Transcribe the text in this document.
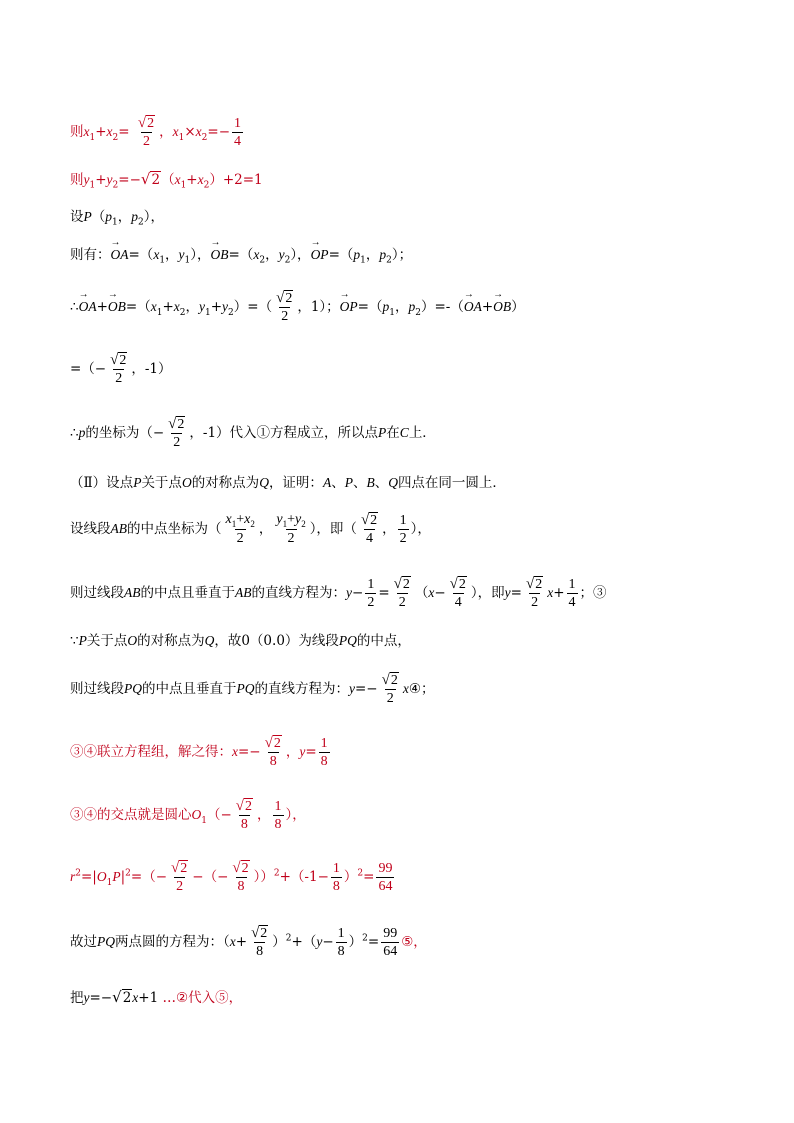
则$x_1+x_2= \frac{√2}{2}$ ，$x_1\times x_2=- \frac{1}{4}$
则$y_1+y_2=-√2(x_1+x_2)+2=1$
设$P(p_1$，$p_2$），
则有：→ $OA=(x_1$，$y_1$），→ $OB=(x_2$，$y_2$），→ $OP=(p_1$，$p_2$）；
∴→ $OA+\to OB=(x_1+x_2$，$y_1+y_2)=( \frac{√2}{2}$ ，1）；→ $OP=(p_1$，$p_2)=-(\to OA+\to OB)$
=（− $\frac{√2}{2}$ ，-1）
∴p的坐标为（− $\frac{√2}{2}$ ，-1）代入①方程成立，所以点P在C上．
（Ⅱ）设点P关于点O的对称点为Q，证明：A、P、B、Q四点在同一圆上．
设线段AB的中点坐标为（ $\frac{x_1+x_2}{2}$ ， $\frac{y_1+y_2}{2}$ ），即（ $\frac{√2}{4}$ ， $\frac{1}{2}$ ），
则过线段AB的中点且垂直于AB的直线方程为：$y- \frac{1}{2} = \frac{√2}{2} (x- \frac{√2}{4}$ ），即$y= \frac{√2}{2} x+ \frac{1}{4}$ ；③
∵P关于点O的对称点为Q，故0（0.0）为线段PQ的中点，
则过线段PQ的中点且垂直于PQ的直线方程为：$y=- \frac{√2}{2}$ x④；
③④联立方程组，解之得：$x=- \frac{√2}{8}$ ，$y= \frac{1}{8}$
③④的交点就是圆心$O_1(- \frac{√2}{8}$ ， $\frac{1}{8}$ ），
$r^2=|O_1P|^2=(- \frac{√2}{2}$ −（− $\frac{√2}{8} ))^2+(-1- \frac{1}{8} )^2= \frac{99}{64}$
故过PQ两点圆的方程为：$(x+ \frac{√2}{8} )^2+(y- \frac{1}{8} )^2= \frac{99}{64}$ ⑤，
把y=−√2x+1 …②代入⑤，
